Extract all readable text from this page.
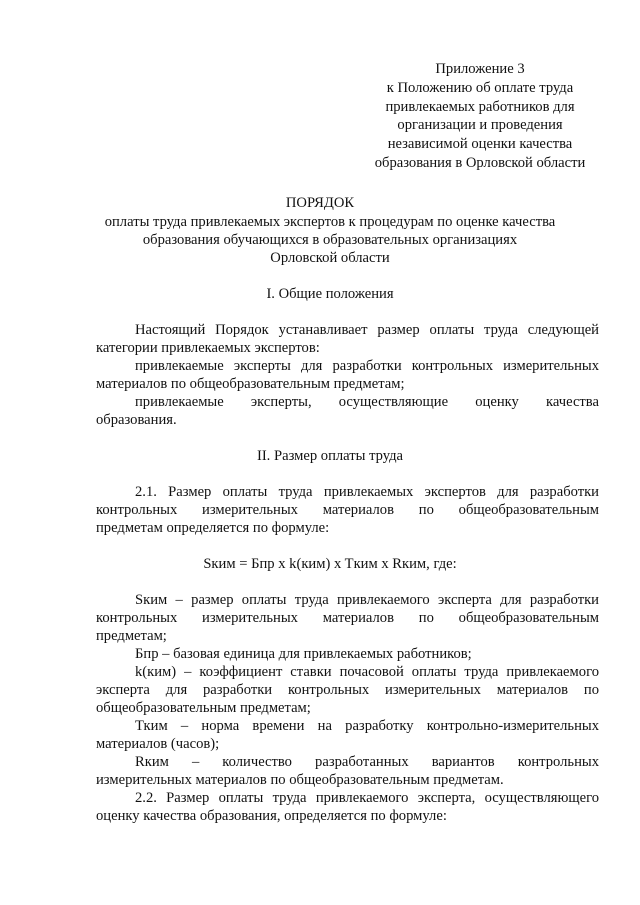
Приложение 3
к Положению об оплате труда
привлекаемых работников для
организации и проведения
независимой оценки качества
образования в Орловской области
ПОРЯДОК
оплаты труда привлекаемых экспертов к процедурам по оценке качества
образования обучающихся в образовательных организациях
Орловской области
I. Общие положения
Настоящий Порядок устанавливает размер оплаты труда следующей
категории привлекаемых экспертов:
привлекаемые эксперты для разработки контрольных измерительных
материалов по общеобразовательным предметам;
привлекаемые эксперты, осуществляющие оценку качества
образования.
II. Размер оплаты труда
2.1. Размер оплаты труда привлекаемых экспертов для разработки
контрольных измерительных материалов по общеобразовательным
предметам определяется по формуле:
Sким = Бпр x k(ким) x Tким x Rким, где:
Sким – размер оплаты труда привлекаемого эксперта для разработки
контрольных измерительных материалов по общеобразовательным
предметам;
Бпр – базовая единица для привлекаемых работников;
k(ким) – коэффициент ставки почасовой оплаты труда привлекаемого
эксперта для разработки контрольных измерительных материалов по
общеобразовательным предметам;
Тким – норма времени на разработку контрольно-измерительных
материалов (часов);
Rким – количество разработанных вариантов контрольных
измерительных материалов по общеобразовательным предметам.
2.2. Размер оплаты труда привлекаемого эксперта, осуществляющего
оценку качества образования, определяется по формуле:
